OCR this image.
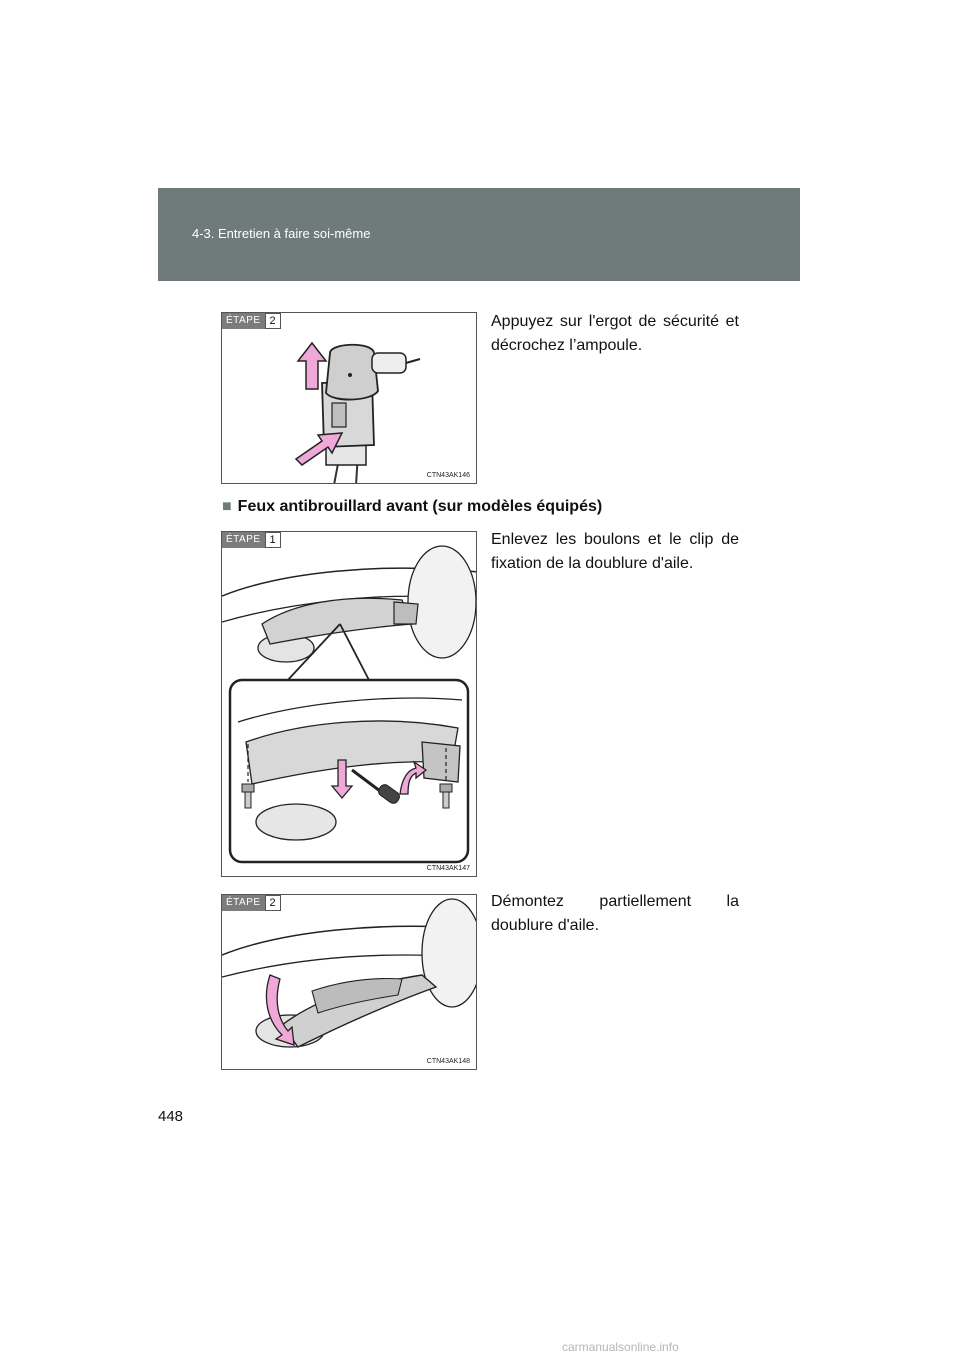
4-3. Entretien à faire soi-même
ÉTAPE 2
CTN43AK146
Appuyez sur l'ergot de sécurité et décrochez l’ampoule.
■ Feux antibrouillard avant (sur modèles équipés)
ÉTAPE 1
CTN43AK147
Enlevez les boulons et le clip de fixation de la doublure d'aile.
ÉTAPE 2
CTN43AK148
Démontez partiellement la doublure d'aile.
448
carmanualsonline.info
